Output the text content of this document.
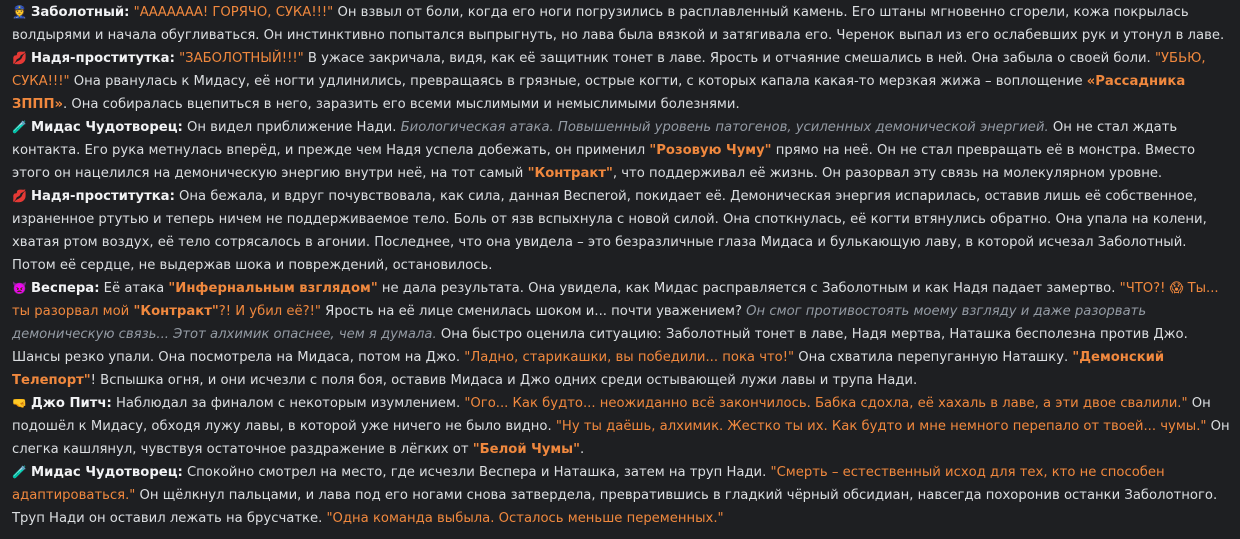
👮 Заболотный: "ААААААА! ГОРЯЧО, СУКА!!!" Он взвыл от боли, когда его ноги погрузились в расплавленный камень. Его штаны мгновенно сгорели, кожа покрылась волдырями и начала обугливаться. Он инстинктивно попытался выпрыгнуть, но лава была вязкой и затягивала его. Черенок выпал из его ослабевших рук и утонул в лаве.

💋 Надя-проститутка: "ЗАБОЛОТНЫЙ!!!" В ужасе закричала, видя, как её защитник тонет в лаве. Ярость и отчаяние смешались в ней. Она забыла о своей боли. "УБЬЮ, СУКА!!!" Она рванулась к Мидасу, её ногти удлинились, превращаясь в грязные, острые когти, с которых капала какая-то мерзкая жижа – воплощение «Рассадника ЗППП». Она собиралась вцепиться в него, заразить его всеми мыслимыми и немыслимыми болезнями.

🧪 Мидас Чудотворец: Он видел приближение Нади. Биологическая атака. Повышенный уровень патогенов, усиленных демонической энергией. Он не стал ждать контакта. Его рука метнулась вперёд, и прежде чем Надя успела добежать, он применил "Розовую Чуму" прямо на неё. Он не стал превращать её в монстра. Вместо этого он нацелился на демоническую энергию внутри неё, на тот самый "Контракт", что поддерживал её жизнь. Он разорвал эту связь на молекулярном уровне.

💋 Надя-проститутка: Она бежала, и вдруг почувствовала, как сила, данная Веспerой, покидает её. Демоническая энергия испарилась, оставив лишь её собственное, израненное ртутью и теперь ничем не поддерживаемое тело. Боль от язв вспыхнула с новой силой. Она споткнулась, её когти втянулись обратно. Она упала на колени, хватая ртом воздух, её тело сотрясалось в агонии. Последнее, что она увидела – это безразличные глаза Мидаса и булькающую лаву, в которой исчезал Заболотный. Потом её сердце, не выдержав шока и повреждений, остановилось.

👿 Веспера: Её атака "Инфернальным взглядом" не дала результата. Она увидела, как Мидас расправляется с Заболотным и как Надя падает замертво. "ЧТО?! 😱 Ты... ты разорвал мой "Контракт"?! И убил её?!" Ярость на её лице сменилась шоком и... почти уважением? Он смог противостоять моему взгляду и даже разорвать демоническую связь... Этот алхимик опаснее, чем я думала. Она быстро оценила ситуацию: Заболотный тонет в лаве, Надя мертва, Наташка бесполезна против Джо. Шансы резко упали. Она посмотрела на Мидаса, потом на Джо. "Ладно, старикашки, вы победили... пока что!" Она схватила перепуганную Наташку. "Демонский Телепорт"! Вспышка огня, и они исчезли с поля боя, оставив Мидаса и Джо одних среди остывающей лужи лавы и трупа Нади.

🤜 Джо Питч: Наблюдал за финалом с некоторым изумлением. "Ого... Как будто... неожиданно всё закончилось. Бабка сдохла, её хахаль в лаве, а эти двое свалили." Он подошёл к Мидасу, обходя лужу лавы, в которой уже ничего не было видно. "Ну ты даёшь, алхимик. Жестко ты их. Как будто и мне немного перепало от твоей... чумы." Он слегка кашлянул, чувствуя остаточное раздражение в лёгких от "Белой Чумы".

🧪 Мидас Чудотворец: Спокойно смотрел на место, где исчезли Веспера и Наташка, затем на труп Нади. "Смерть – естественный исход для тех, кто не способен адаптироваться." Он щёлкнул пальцами, и лава под его ногами снова затвердела, превратившись в гладкий чёрный обсидиан, навсегда похоронив останки Заболотного. Труп Нади он оставил лежать на брусчатке. "Одна команда выбыла. Осталось меньше переменных."
